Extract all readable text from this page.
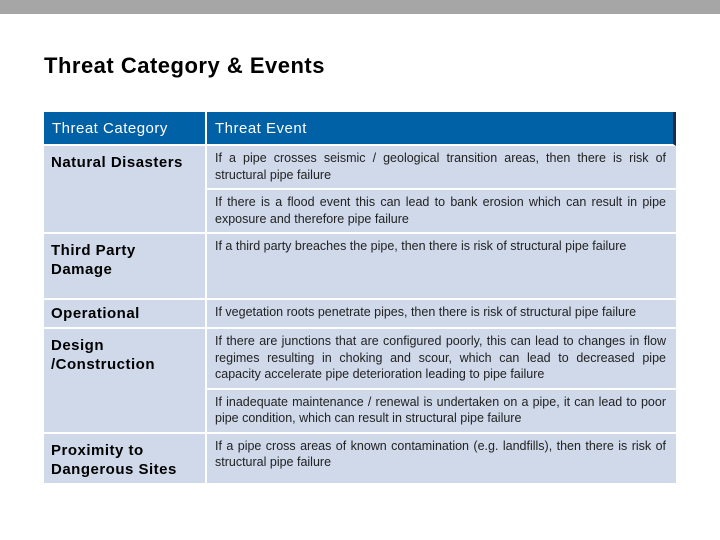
Threat Category & Events
Threat Category	Threat Event
Natural Disasters	If a pipe crosses seismic / geological transition areas, then there is risk of structural pipe failure
	If there is a flood event this can lead to bank erosion which can result in pipe exposure and therefore pipe failure
Third Party Damage	If a third party breaches the pipe, then there is risk of structural pipe failure
Operational	If vegetation roots penetrate pipes, then there is risk of structural pipe failure
Design /Construction	If there are junctions that are configured poorly, this can lead to changes in flow regimes resulting in choking and scour, which can lead to decreased pipe capacity accelerate pipe deterioration leading to pipe failure
	If inadequate maintenance / renewal is undertaken on a pipe, it can lead to poor pipe condition, which can result in structural pipe failure
Proximity to Dangerous Sites	If a pipe cross areas of known contamination (e.g. landfills), then there is risk of structural pipe failure
